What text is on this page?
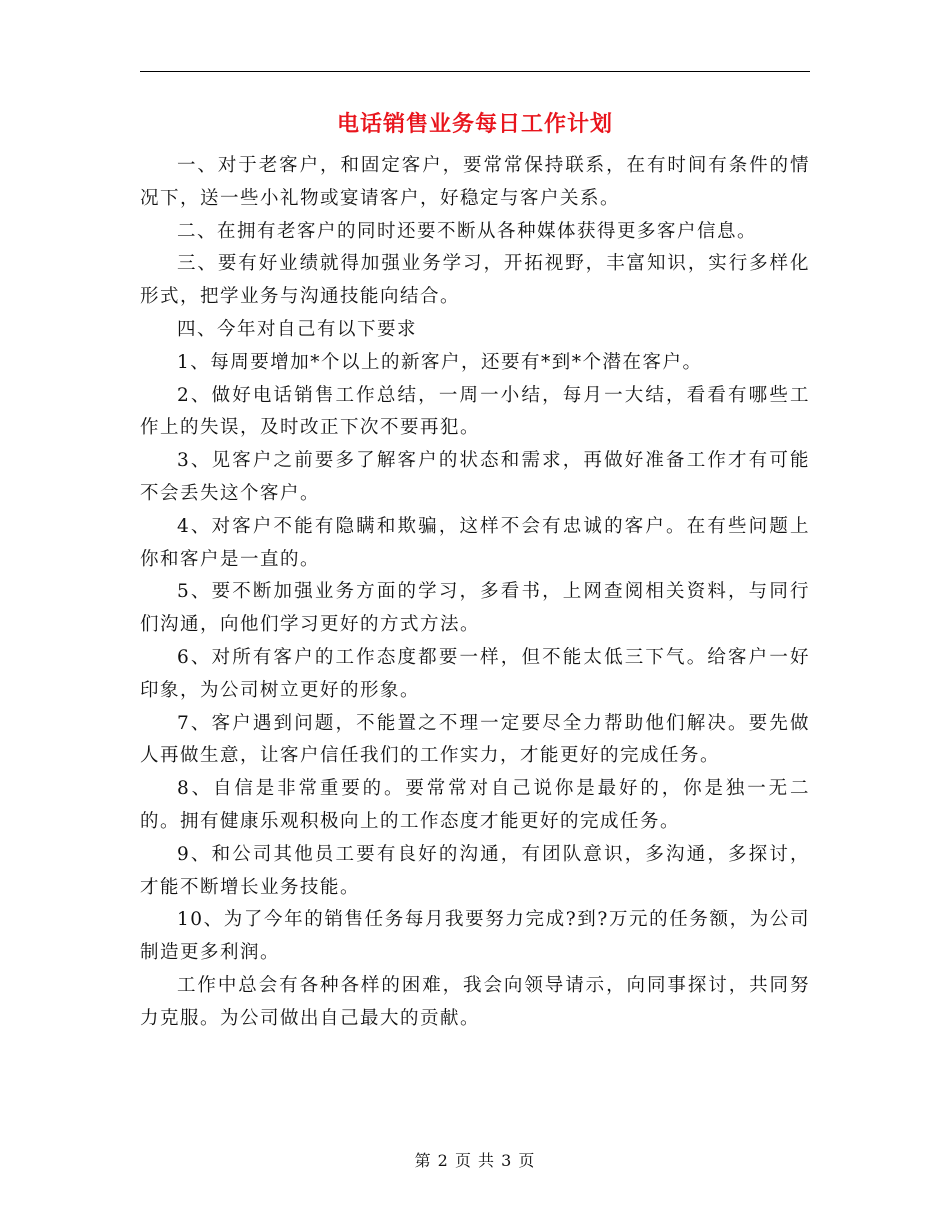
电话销售业务每日工作计划

一、对于老客户，和固定客户，要常常保持联系，在有时间有条件的情况下，送一些小礼物或宴请客户，好稳定与客户关系。

二、在拥有老客户的同时还要不断从各种媒体获得更多客户信息。

三、要有好业绩就得加强业务学习，开拓视野，丰富知识，实行多样化形式，把学业务与沟通技能向结合。

四、今年对自己有以下要求

1、每周要增加*个以上的新客户，还要有*到*个潜在客户。

2、做好电话销售工作总结，一周一小结，每月一大结，看看有哪些工作上的失误，及时改正下次不要再犯。

3、见客户之前要多了解客户的状态和需求，再做好准备工作才有可能不会丢失这个客户。

4、对客户不能有隐瞒和欺骗，这样不会有忠诚的客户。在有些问题上你和客户是一直的。

5、要不断加强业务方面的学习，多看书，上网查阅相关资料，与同行们沟通，向他们学习更好的方式方法。

6、对所有客户的工作态度都要一样，但不能太低三下气。给客户一好印象，为公司树立更好的形象。

7、客户遇到问题，不能置之不理一定要尽全力帮助他们解决。要先做人再做生意，让客户信任我们的工作实力，才能更好的完成任务。

8、自信是非常重要的。要常常对自己说你是最好的，你是独一无二的。拥有健康乐观积极向上的工作态度才能更好的完成任务。

9、和公司其他员工要有良好的沟通，有团队意识，多沟通，多探讨，才能不断增长业务技能。

10、为了今年的销售任务每月我要努力完成?到?万元的任务额，为公司制造更多利润。

工作中总会有各种各样的困难，我会向领导请示，向同事探讨，共同努力克服。为公司做出自己最大的贡献。

第 2 页 共 3 页
